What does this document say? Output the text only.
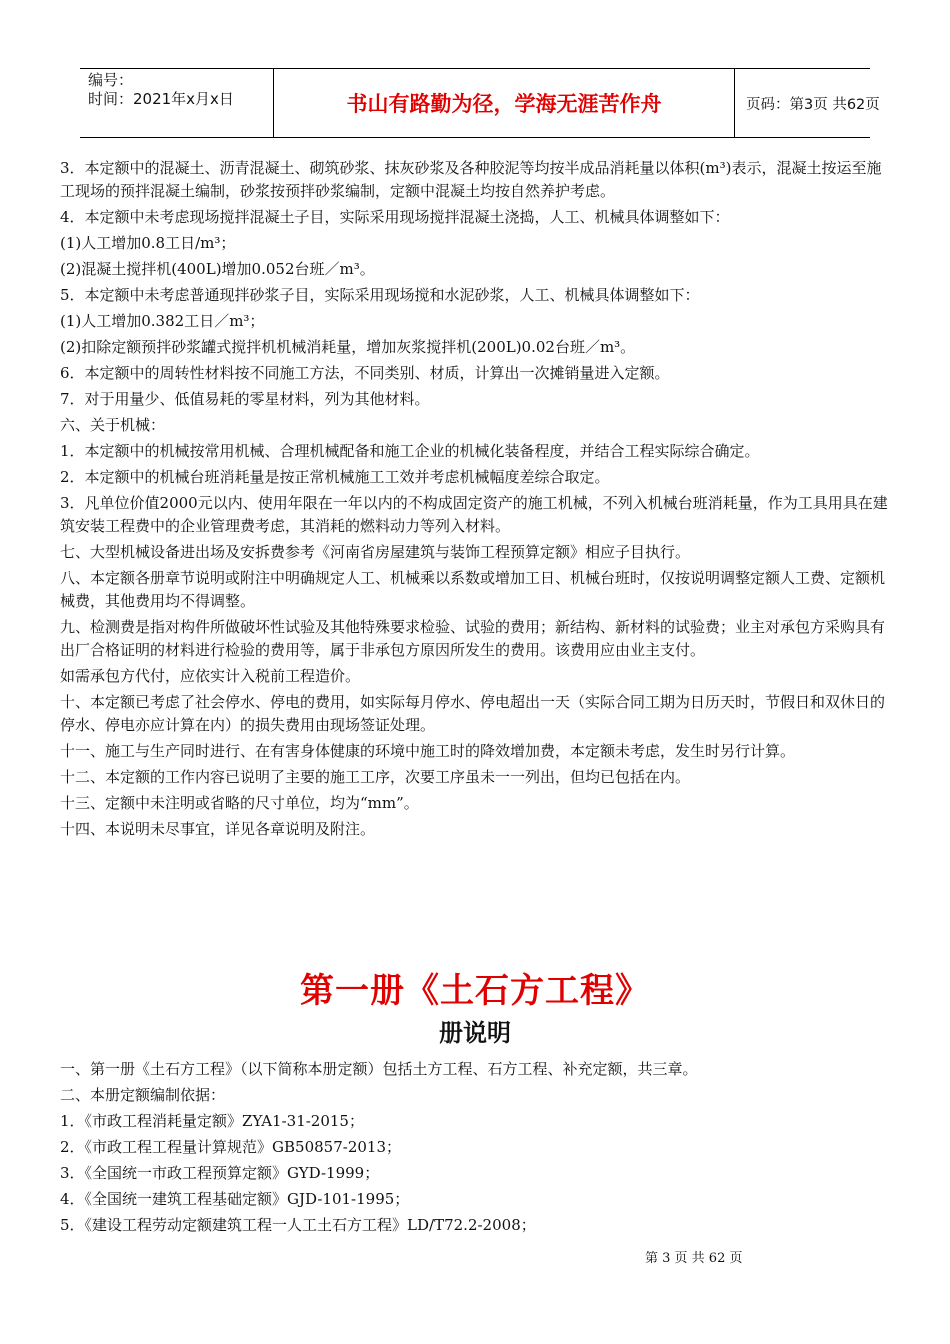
编号：
时间：2021年x月x日	书山有路勤为径，学海无涯苦作舟	页码：第3页 共62页

3．本定额中的混凝土、沥青混凝土、砌筑砂浆、抹灰砂浆及各种胶泥等均按半成品消耗量以体积(m³)表示，混凝土按运至施工现场的预拌混凝土编制，砂浆按预拌砂浆编制，定额中混凝土均按自然养护考虑。

4．本定额中未考虑现场搅拌混凝土子目，实际采用现场搅拌混凝土浇捣，人工、机械具体调整如下：

(1)人工增加0.8工日/m³；

(2)混凝土搅拌机(400L)增加0.052台班／m³。

5．本定额中未考虑普通现拌砂浆子目，实际采用现场搅和水泥砂浆，人工、机械具体调整如下：

(1)人工增加0.382工日／m³；

(2)扣除定额预拌砂浆罐式搅拌机机械消耗量，增加灰浆搅拌机(200L)0.02台班／m³。

6．本定额中的周转性材料按不同施工方法，不同类别、材质，计算出一次摊销量进入定额。

7．对于用量少、低值易耗的零星材料，列为其他材料。

六、关于机械：

1．本定额中的机械按常用机械、合理机械配备和施工企业的机械化装备程度，并结合工程实际综合确定。

2．本定额中的机械台班消耗量是按正常机械施工工效并考虑机械幅度差综合取定。

3．凡单位价值2000元以内、使用年限在一年以内的不构成固定资产的施工机械，不列入机械台班消耗量，作为工具用具在建筑安装工程费中的企业管理费考虑，其消耗的燃料动力等列入材料。

七、大型机械设备进出场及安拆费参考《河南省房屋建筑与装饰工程预算定额》相应子目执行。

八、本定额各册章节说明或附注中明确规定人工、机械乘以系数或增加工日、机械台班时，仅按说明调整定额人工费、定额机械费，其他费用均不得调整。

九、检测费是指对构件所做破坏性试验及其他特殊要求检验、试验的费用；新结构、新材料的试验费；业主对承包方采购具有出厂合格证明的材料进行检验的费用等，属于非承包方原因所发生的费用。该费用应由业主支付。

如需承包方代付，应依实计入税前工程造价。

十、本定额已考虑了社会停水、停电的费用，如实际每月停水、停电超出一天（实际合同工期为日历天时，节假日和双休日的停水、停电亦应计算在内）的损失费用由现场签证处理。

十一、施工与生产同时进行、在有害身体健康的环境中施工时的降效增加费，本定额未考虑，发生时另行计算。

十二、本定额的工作内容已说明了主要的施工工序，次要工序虽未一一列出，但均已包括在内。

十三、定额中未注明或省略的尺寸单位，均为“mm”。

十四、本说明未尽事宜，详见各章说明及附注。

第一册《土石方工程》
册说明

一、第一册《土石方工程》（以下简称本册定额）包括土方工程、石方工程、补充定额，共三章。

二、本册定额编制依据：

1．《市政工程消耗量定额》ZYA1-31-2015；

2．《市政工程工程量计算规范》GB50857-2013；

3．《全国统一市政工程预算定额》GYD-1999；

4．《全国统一建筑工程基础定额》GJD-101-1995；

5．《建设工程劳动定额建筑工程一人工土石方工程》LD/T72.2-2008；

第 3 页 共 62 页
